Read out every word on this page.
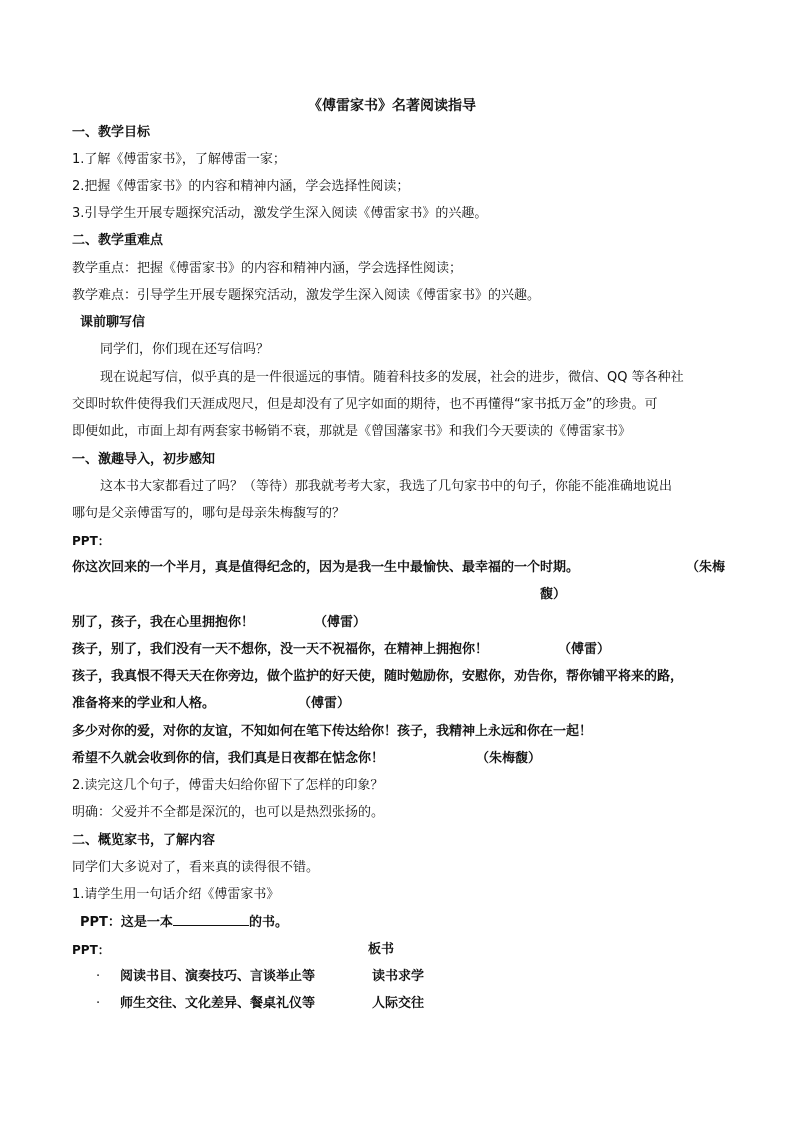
《傅雷家书》名著阅读指导
一、教学目标
1.了解《傅雷家书》，了解傅雷一家；
2.把握《傅雷家书》的内容和精神内涵，学会选择性阅读；
3.引导学生开展专题探究活动，激发学生深入阅读《傅雷家书》的兴趣。
二、教学重难点
教学重点：把握《傅雷家书》的内容和精神内涵，学会选择性阅读；
教学难点：引导学生开展专题探究活动，激发学生深入阅读《傅雷家书》的兴趣。
课前聊写信
同学们，你们现在还写信吗？
现在说起写信，似乎真的是一件很遥远的事情。随着科技多的发展，社会的进步，微信、QQ 等各种社
交即时软件使得我们天涯成咫尺，但是却没有了见字如面的期待，也不再懂得“家书抵万金”的珍贵。可
即便如此，市面上却有两套家书畅销不衰，那就是《曾国藩家书》和我们今天要读的《傅雷家书》
一、激趣导入，初步感知
这本书大家都看过了吗？（等待）那我就考考大家，我选了几句家书中的句子，你能不能准确地说出
哪句是父亲傅雷写的，哪句是母亲朱梅馥写的？
PPT：
你这次回来的一个半月，真是值得纪念的，因为是我一生中最愉快、最幸福的一个时期。	（朱梅
馥）
别了，孩子，我在心里拥抱你！	（傅雷）
孩子，别了，我们没有一天不想你，没一天不祝福你，在精神上拥抱你！	（傅雷）
孩子，我真恨不得天天在你旁边，做个监护的好天使，随时勉励你，安慰你，劝告你，帮你铺平将来的路，
准备将来的学业和人格。	（傅雷）
多少对你的爱，对你的友谊，不知如何在笔下传达给你！孩子，我精神上永远和你在一起！
希望不久就会收到你的信，我们真是日夜都在惦念你！	（朱梅馥）
2.读完这几个句子，傅雷夫妇给你留下了怎样的印象？
明确：父爱并不全都是深沉的，也可以是热烈张扬的。
二、概览家书，了解内容
同学们大多说对了，看来真的读得很不错。
1.请学生用一句话介绍《傅雷家书》
PPT：这是一本	的书。
PPT：	板书
· 阅读书目、演奏技巧、言谈举止等	读书求学
· 师生交往、文化差异、餐桌礼仪等	人际交往
